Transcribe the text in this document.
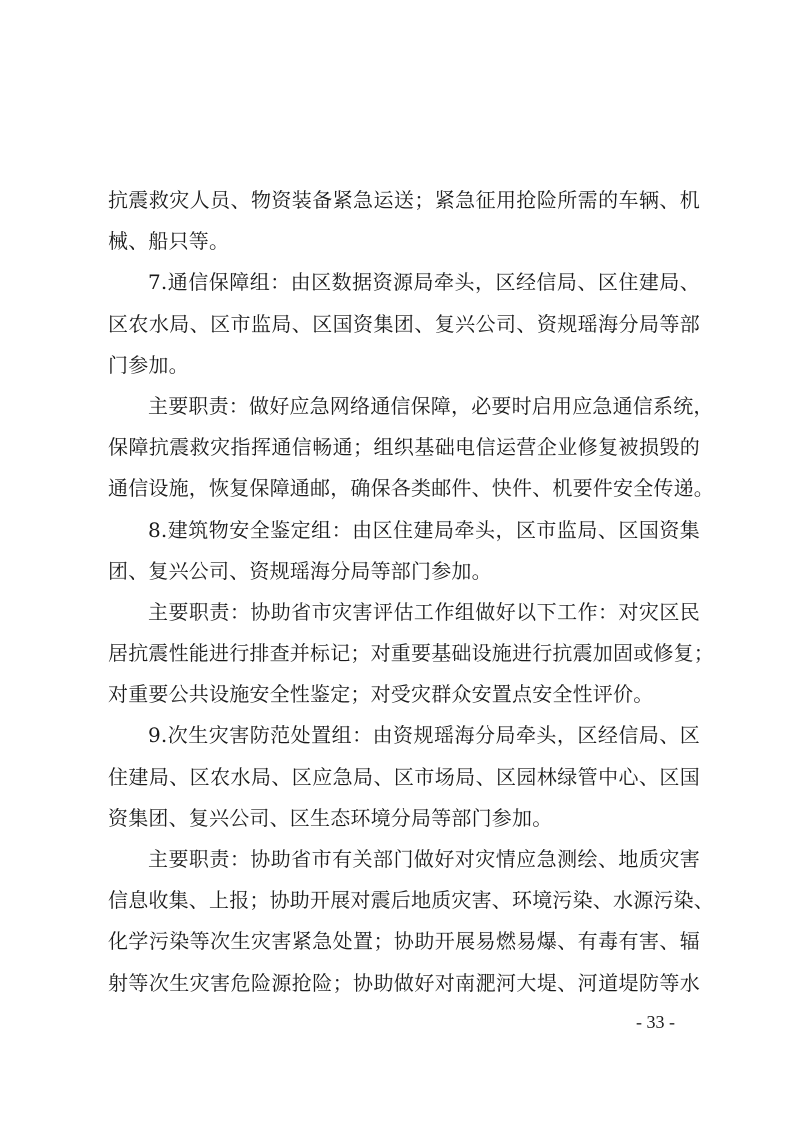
抗震救灾人员、物资装备紧急运送；紧急征用抢险所需的车辆、机
械、船只等。
7.通信保障组：由区数据资源局牵头，区经信局、区住建局、
区农水局、区市监局、区国资集团、复兴公司、资规瑶海分局等部
门参加。
主要职责：做好应急网络通信保障，必要时启用应急通信系统，
保障抗震救灾指挥通信畅通；组织基础电信运营企业修复被损毁的
通信设施，恢复保障通邮，确保各类邮件、快件、机要件安全传递。
8.建筑物安全鉴定组：由区住建局牵头，区市监局、区国资集
团、复兴公司、资规瑶海分局等部门参加。
主要职责：协助省市灾害评估工作组做好以下工作：对灾区民
居抗震性能进行排查并标记；对重要基础设施进行抗震加固或修复；
对重要公共设施安全性鉴定；对受灾群众安置点安全性评价。
9.次生灾害防范处置组：由资规瑶海分局牵头，区经信局、区
住建局、区农水局、区应急局、区市场局、区园林绿管中心、区国
资集团、复兴公司、区生态环境分局等部门参加。
主要职责：协助省市有关部门做好对灾情应急测绘、地质灾害
信息收集、上报；协助开展对震后地质灾害、环境污染、水源污染、
化学污染等次生灾害紧急处置；协助开展易燃易爆、有毒有害、辐
射等次生灾害危险源抢险；协助做好对南淝河大堤、河道堤防等水
- 33 -
